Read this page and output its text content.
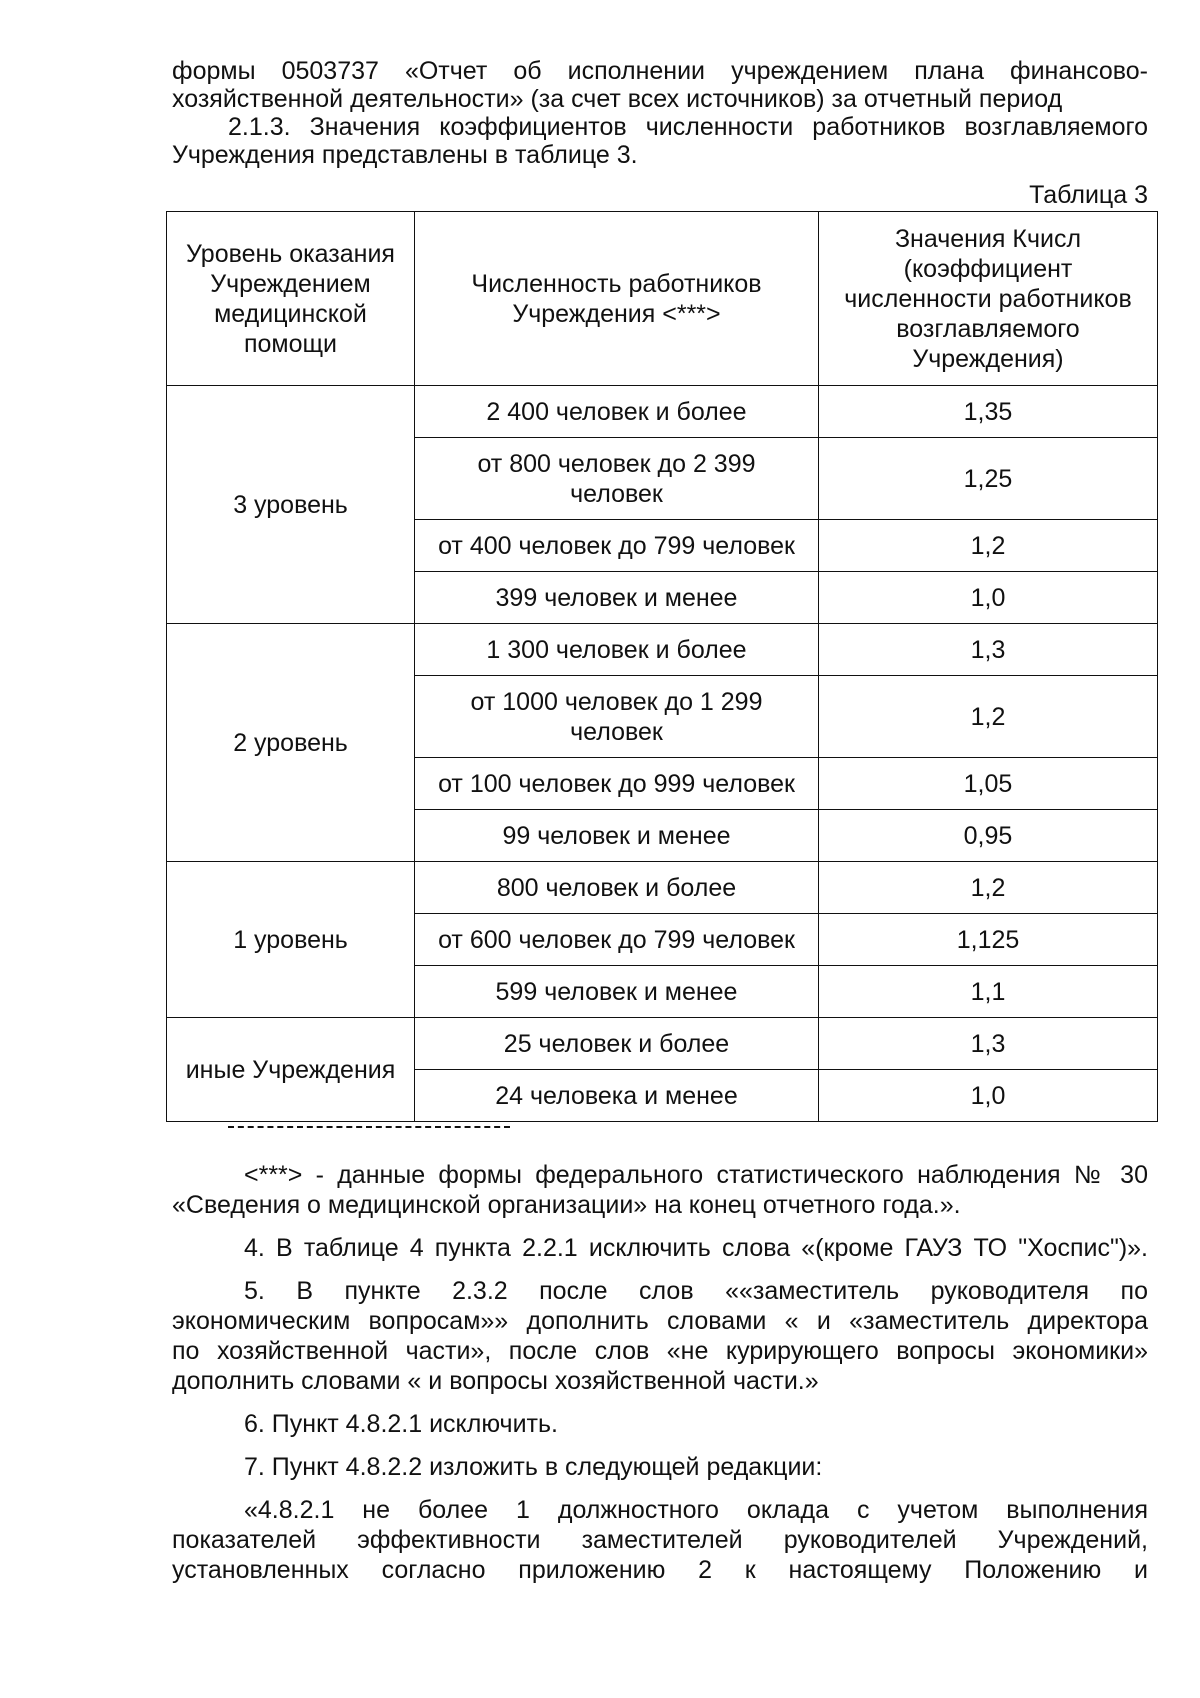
формы 0503737 «Отчет об исполнении учреждением плана финансово-
хозяйственной деятельности» (за счет всех источников) за отчетный период
2.1.3. Значения коэффициентов численности работников возглавляемого
Учреждения представлены в таблице 3.
Таблица 3
Уровень оказания Учреждением медицинской помощи	Численность работников Учреждения <***>	Значения Кчисл (коэффициент численности работников возглавляемого Учреждения)
3 уровень	2 400 человек и более	1,35
	от 800 человек до 2 399 человек	1,25
	от 400 человек до 799 человек	1,2
	399 человек и менее	1,0
2 уровень	1 300 человек и более	1,3
	от 1000 человек до 1 299 человек	1,2
	от 100 человек до 999 человек	1,05
	99 человек и менее	0,95
1 уровень	800 человек и более	1,2
	от 600 человек до 799 человек	1,125
	599 человек и менее	1,1
иные Учреждения	25 человек и более	1,3
	24 человека и менее	1,0
<***> - данные формы федерального статистического наблюдения № 30
«Сведения о медицинской организации» на конец отчетного года.».
4. В таблице 4 пункта 2.2.1 исключить слова «(кроме ГАУЗ ТО "Хоспис")».
5. В пункте 2.3.2 после слов ««заместитель руководителя по
экономическим вопросам»» дополнить словами « и «заместитель директора
по хозяйственной части», после слов «не курирующего вопросы экономики»
дополнить словами « и вопросы хозяйственной части.»
6. Пункт 4.8.2.1 исключить.
7. Пункт 4.8.2.2 изложить в следующей редакции:
«4.8.2.1 не более 1 должностного оклада с учетом выполнения
показателей эффективности заместителей руководителей Учреждений,
установленных согласно приложению 2 к настоящему Положению и
